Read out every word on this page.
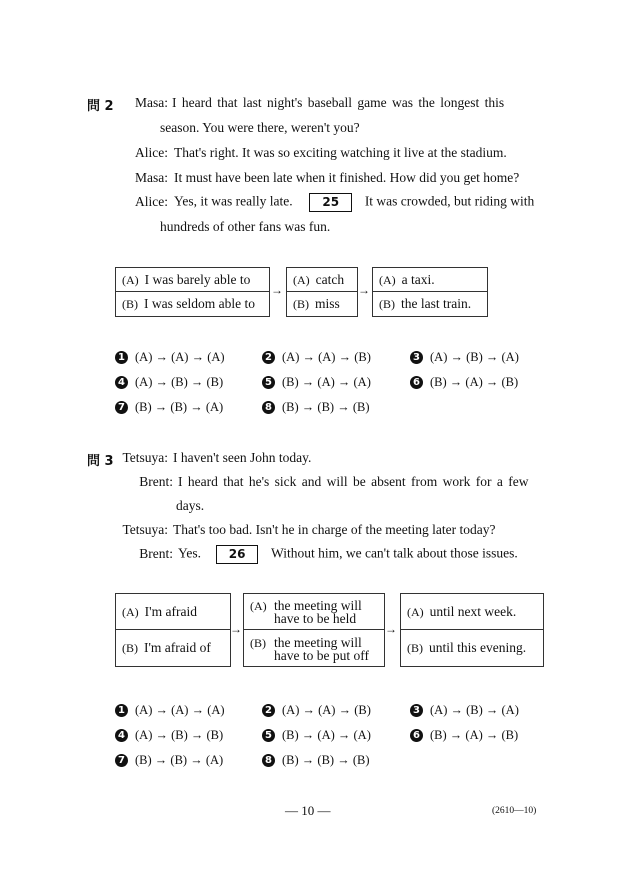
問 2	Masa: I heard that last night's baseball game was the longest this
season. You were there, weren't you?
Alice: That's right. It was so exciting watching it live at the stadium.
Masa: It must have been late when it finished. How did you get home?
Alice: Yes, it was really late. 25 It was crowded, but riding with
hundreds of other fans was fun.
(A) I was barely able to
(B) I was seldom able to
→
(A) catch
(B) miss
→
(A) a taxi.
(B) the last train.
1 (A) → (A) → (A)	2 (A) → (A) → (B)	3 (A) → (B) → (A)
4 (A) → (B) → (B)	5 (B) → (A) → (A)	6 (B) → (A) → (B)
7 (B) → (B) → (A)	8 (B) → (B) → (B)
問 3 Tetsuya: I haven't seen John today.
Brent: I heard that he's sick and will be absent from work for a few
days.
Tetsuya: That's too bad. Isn't he in charge of the meeting later today?
Brent: Yes. 26 Without him, we can't talk about those issues.
(A) I'm afraid
(B) I'm afraid of
→
(A) the meeting will
have to be held
(B) the meeting will
have to be put off
→
(A) until next week.
(B) until this evening.
1 (A) → (A) → (A)	2 (A) → (A) → (B)	3 (A) → (B) → (A)
4 (A) → (B) → (B)	5 (B) → (A) → (A)	6 (B) → (A) → (B)
7 (B) → (B) → (A)	8 (B) → (B) → (B)
— 10 —	(2610—10)
